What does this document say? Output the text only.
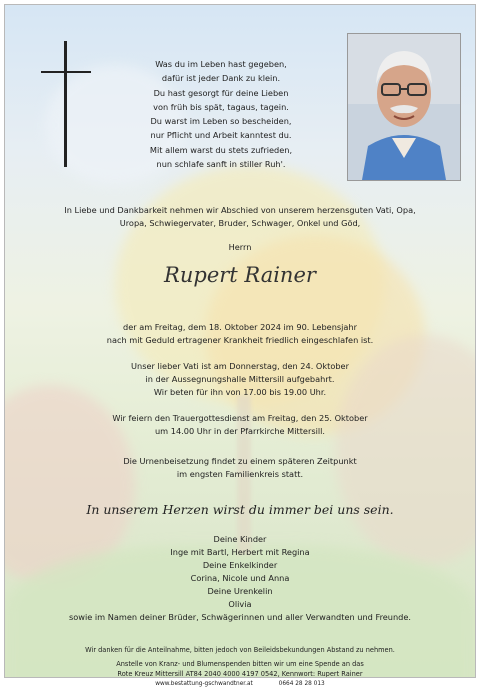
Was du im Leben hast gegeben,
dafür ist jeder Dank zu klein.
Du hast gesorgt für deine Lieben
von früh bis spät, tagaus, tagein.
Du warst im Leben so bescheiden,
nur Pflicht und Arbeit kanntest du.
Mit allem warst du stets zufrieden,
nun schlafe sanft in stiller Ruh'.
In Liebe und Dankbarkeit nehmen wir Abschied von unserem herzensguten Vati, Opa,
Uropa, Schwiegervater, Bruder, Schwager, Onkel und Göd,
Herrn
Rupert Rainer
der am Freitag, dem 18. Oktober 2024 im 90. Lebensjahr
nach mit Geduld ertragener Krankheit friedlich eingeschlafen ist.
Unser lieber Vati ist am Donnerstag, den 24. Oktober
in der Aussegnungshalle Mittersill aufgebahrt.
Wir beten für ihn von 17.00 bis 19.00 Uhr.
Wir feiern den Trauergottesdienst am Freitag, den 25. Oktober
um 14.00 Uhr in der Pfarrkirche Mittersill.
Die Urnenbeisetzung findet zu einem späteren Zeitpunkt
im engsten Familienkreis statt.
In unserem Herzen wirst du immer bei uns sein.
Deine Kinder
Inge mit Bartl, Herbert mit Regina
Deine Enkelkinder
Corina, Nicole und Anna
Deine Urenkelin
Olivia
sowie im Namen deiner Brüder, Schwägerinnen und aller Verwandten und Freunde.
Wir danken für die Anteilnahme, bitten jedoch von Beileidsbekundungen Abstand zu nehmen.
Anstelle von Kranz- und Blumenspenden bitten wir um eine Spende an das
Rote Kreuz Mittersill AT84 2040 4000 4197 0542, Kennwort: Rupert Rainer
www.bestattung-gschwandtner.at	0664 28 28 013
